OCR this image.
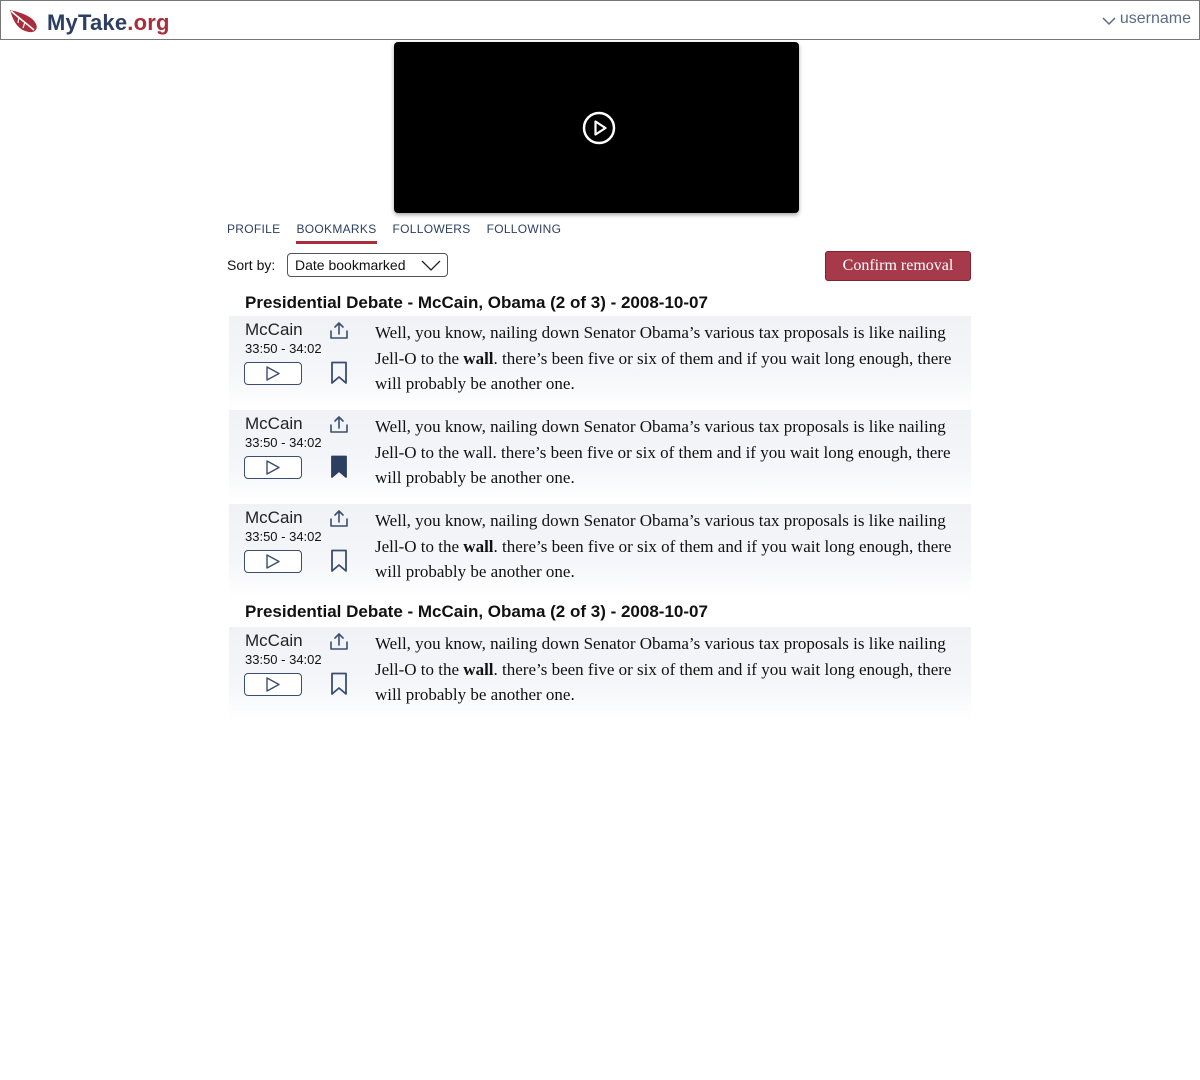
MyTake.org	username
PROFILE BOOKMARKS FOLLOWERS FOLLOWING
Sort by: Date bookmarked	Confirm removal
Presidential Debate - McCain, Obama (2 of 3) - 2008-10-07
McCain
33:50 - 34:02
Well, you know, nailing down Senator Obama’s various tax proposals is like nailing Jell-O to the wall. there’s been five or six of them and if you wait long enough, there will probably be another one.
McCain
33:50 - 34:02
Well, you know, nailing down Senator Obama’s various tax proposals is like nailing Jell-O to the wall. there’s been five or six of them and if you wait long enough, there will probably be another one.
McCain
33:50 - 34:02
Well, you know, nailing down Senator Obama’s various tax proposals is like nailing Jell-O to the wall. there’s been five or six of them and if you wait long enough, there will probably be another one.
Presidential Debate - McCain, Obama (2 of 3) - 2008-10-07
McCain
33:50 - 34:02
Well, you know, nailing down Senator Obama’s various tax proposals is like nailing Jell-O to the wall. there’s been five or six of them and if you wait long enough, there will probably be another one.
